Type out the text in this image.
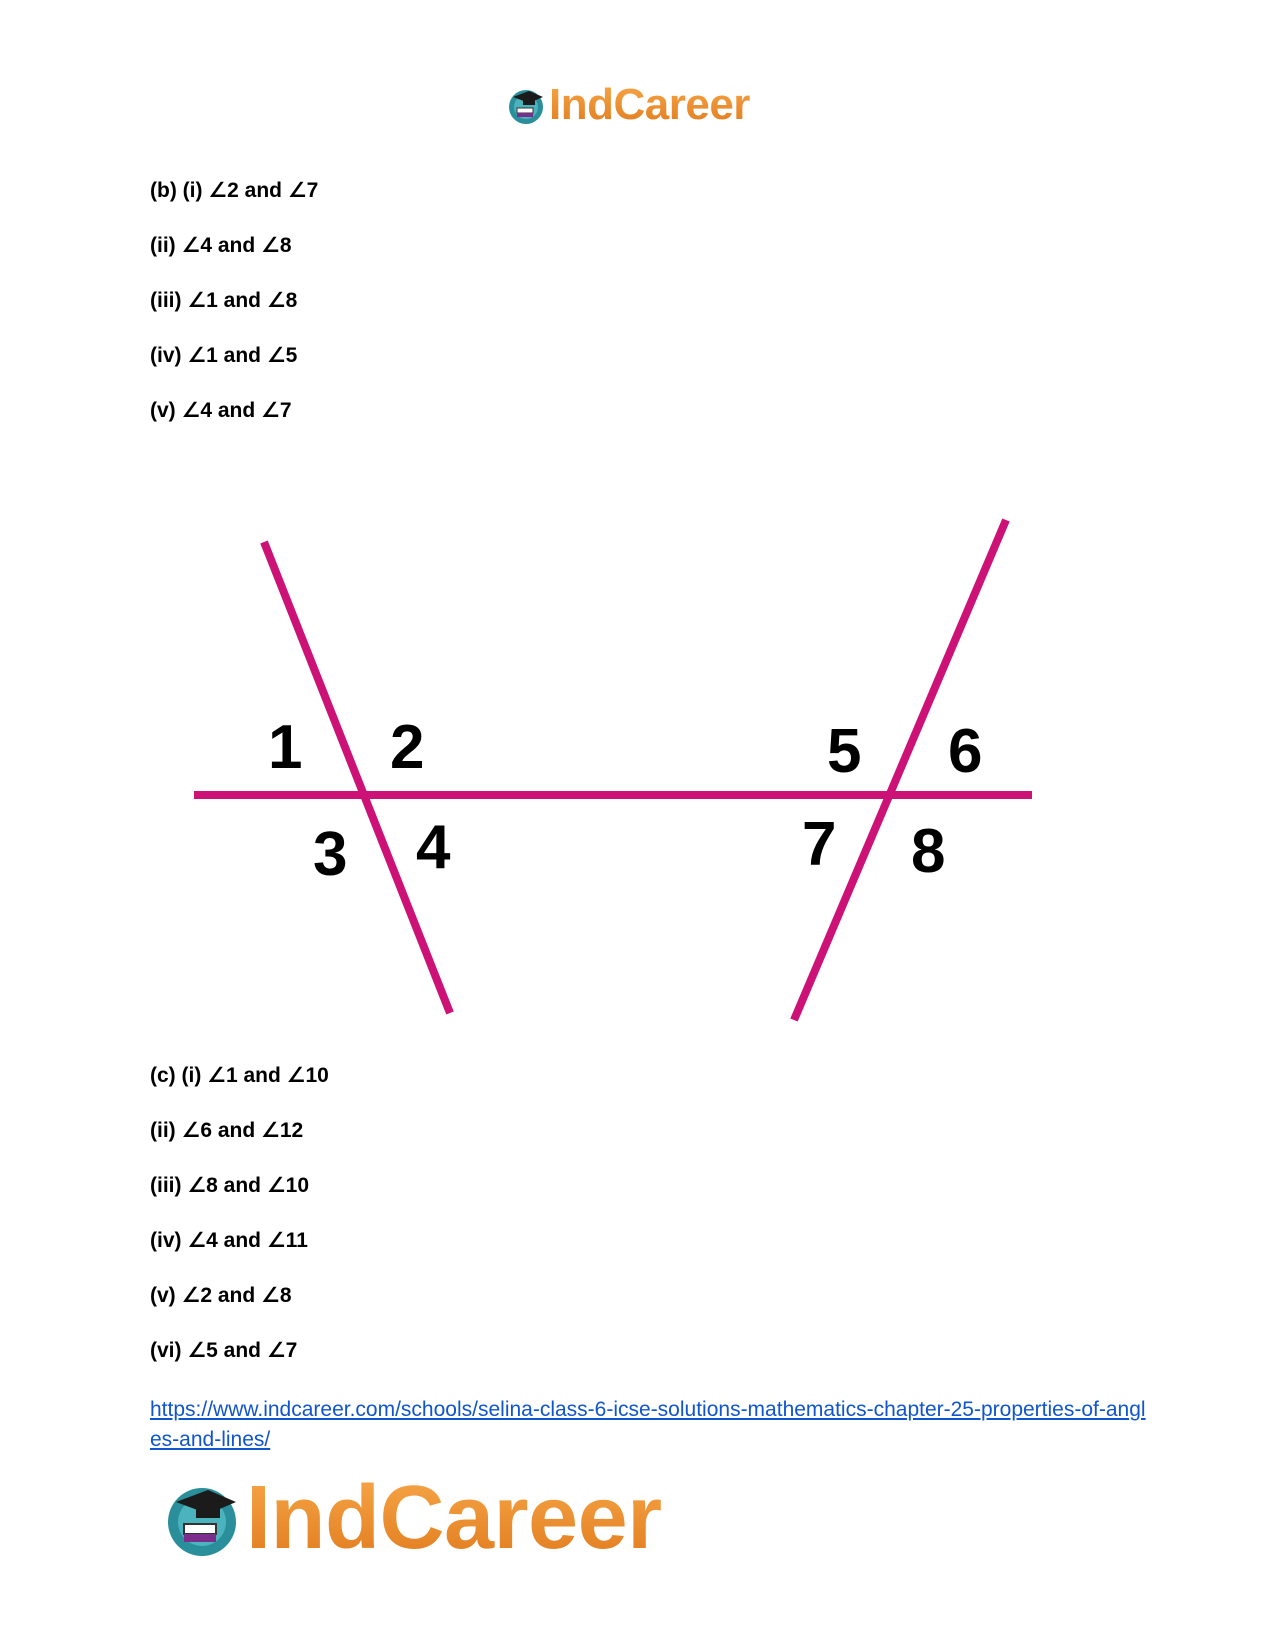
IndCareer

(b) (i) ∠2 and ∠7

(ii) ∠4 and ∠8

(iii) ∠1 and ∠8

(iv) ∠1 and ∠5

(v) ∠4 and ∠7

1 2
3 4
5 6
7 8

(c) (i) ∠1 and ∠10

(ii) ∠6 and ∠12

(iii) ∠8 and ∠10

(iv) ∠4 and ∠11

(v) ∠2 and ∠8

(vi) ∠5 and ∠7

https://www.indcareer.com/schools/selina-class-6-icse-solutions-mathematics-chapter-25-properties-of-angles-and-lines/
IndCareer
